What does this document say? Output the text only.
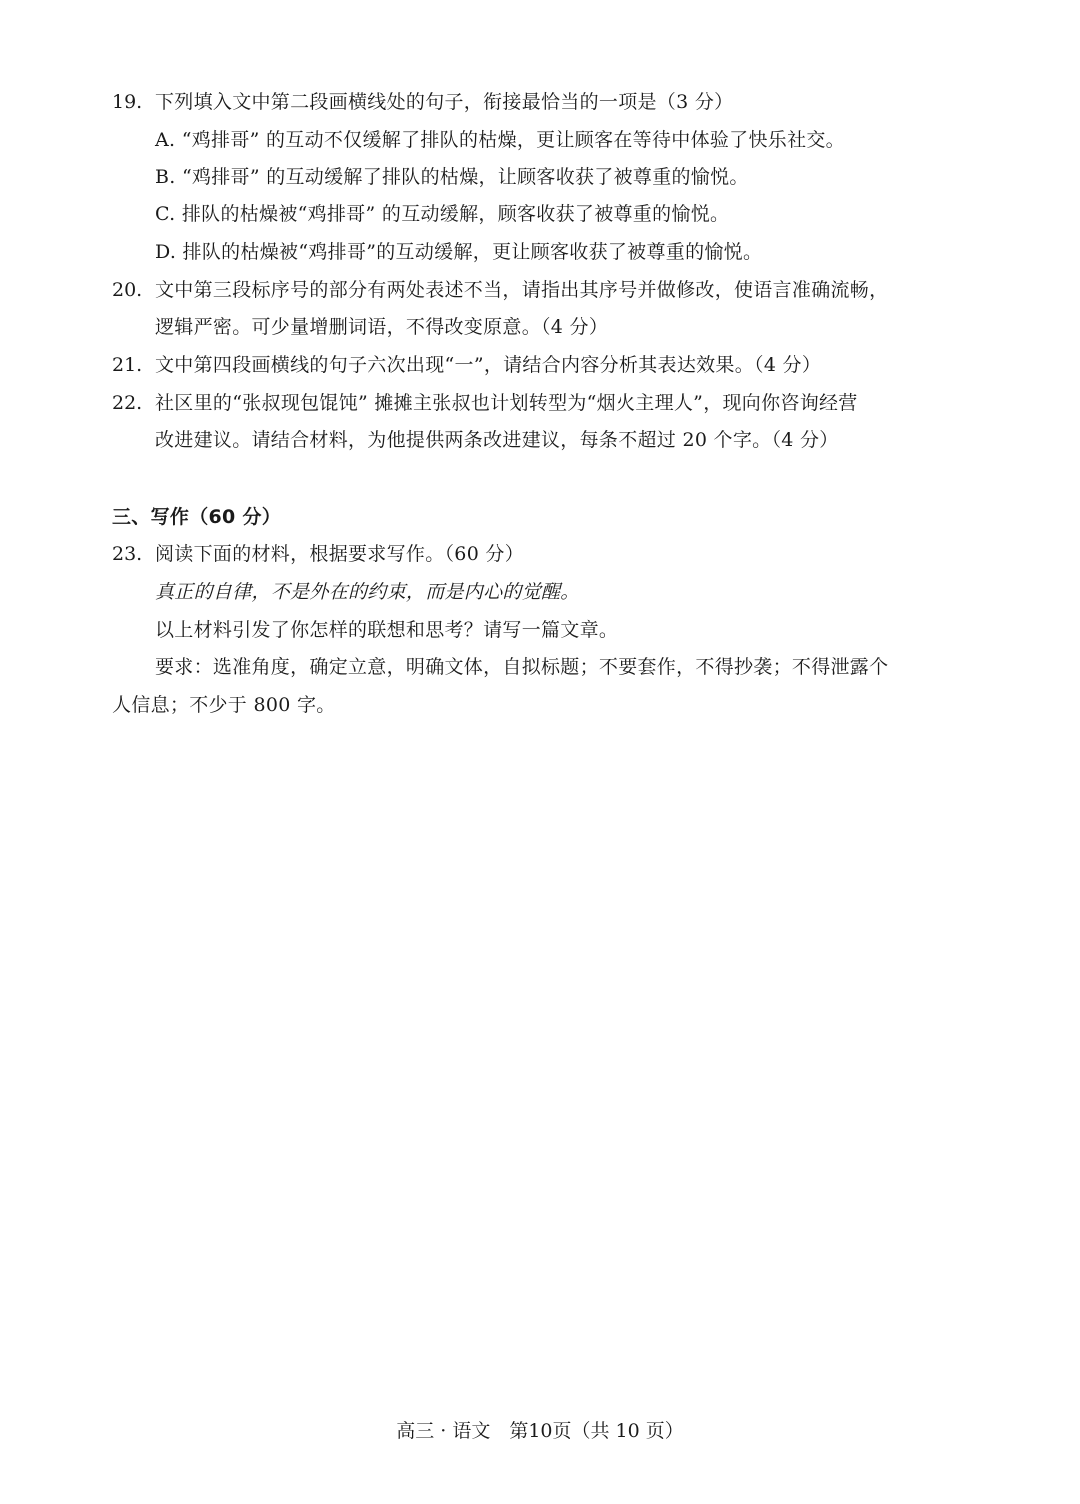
19. 下列填入文中第二段画横线处的句子，衔接最恰当的一项是（3 分）
A. “鸡排哥” 的互动不仅缓解了排队的枯燥，更让顾客在等待中体验了快乐社交。
B. “鸡排哥” 的互动缓解了排队的枯燥，让顾客收获了被尊重的愉悦。
C. 排队的枯燥被“鸡排哥” 的互动缓解，顾客收获了被尊重的愉悦。
D. 排队的枯燥被“鸡排哥”的互动缓解，更让顾客收获了被尊重的愉悦。
20. 文中第三段标序号的部分有两处表述不当，请指出其序号并做修改，使语言准确流畅，
逻辑严密。可少量增删词语，不得改变原意。（4 分）
21. 文中第四段画横线的句子六次出现“一”，请结合内容分析其表达效果。（4 分）
22. 社区里的“张叔现包馄饨” 摊摊主张叔也计划转型为“烟火主理人”，现向你咨询经营
改进建议。请结合材料，为他提供两条改进建议，每条不超过 20 个字。（4 分）
三、写作（60 分）
23. 阅读下面的材料，根据要求写作。（60 分）
真正的自律，不是外在的约束，而是内心的觉醒。
以上材料引发了你怎样的联想和思考？请写一篇文章。
要求：选准角度，确定立意，明确文体，自拟标题；不要套作，不得抄袭；不得泄露个
人信息；不少于 800 字。
高三 · 语文　第10页（共 10 页）
